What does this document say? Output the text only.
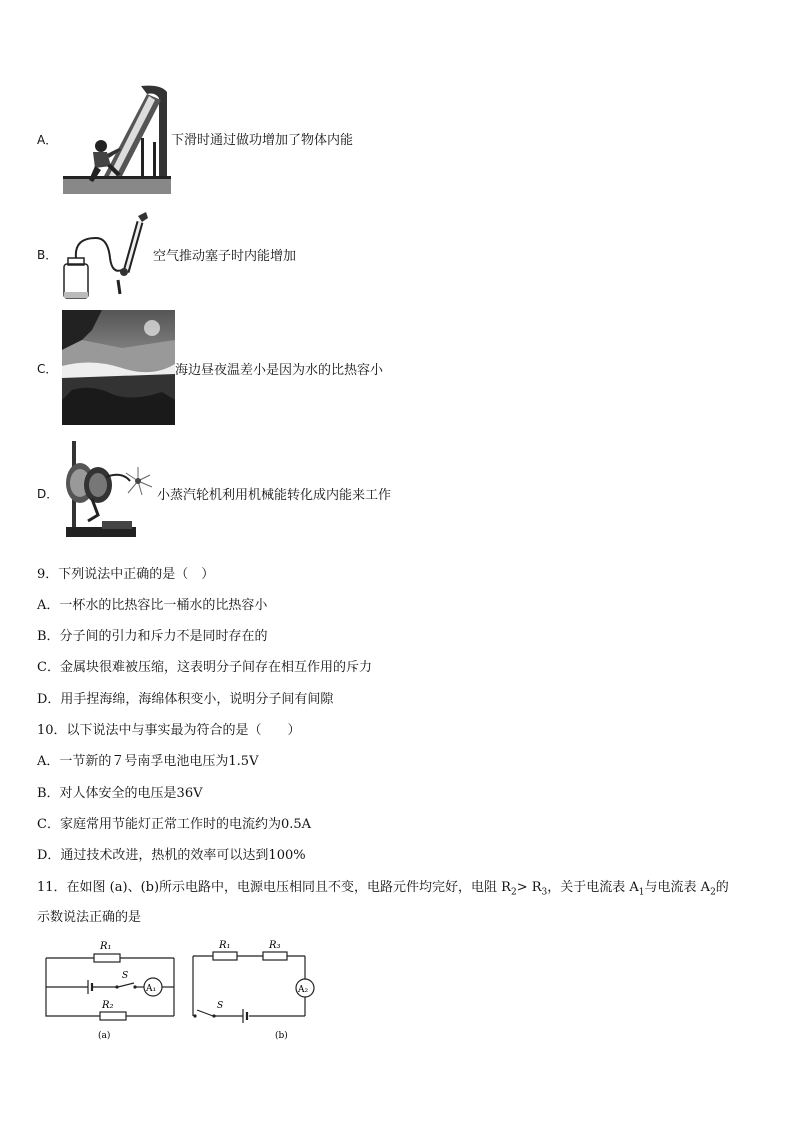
A．	下滑时通过做功增加了物体内能
B．	空气推动塞子时内能增加
C．	海边昼夜温差小是因为水的比热容小
D．	小蒸汽轮机利用机械能转化成内能来工作
9．下列说法中正确的是（　）
A．一杯水的比热容比一桶水的比热容小
B．分子间的引力和斥力不是同时存在的
C．金属块很难被压缩，这表明分子间存在相互作用的斥力
D．用手捏海绵，海绵体积变小，说明分子间有间隙
10．以下说法中与事实最为符合的是（　　）
A．一节新的７号南孚电池电压为1.5V
B．对人体安全的电压是36V
C．家庭常用节能灯正常工作时的电流约为0.5A
D．通过技术改进，热机的效率可以达到100%
11．在如图 (a)、(b)所示电路中，电源电压相同且不变，电路元件均完好，电阻 $R_2> R_3$，关于电流表 $A_1$与电流表 $A_2$的
示数说法正确的是
R₁
S
A₁
R₂
(a)
R₁	R₃
A₂
S
(b)
